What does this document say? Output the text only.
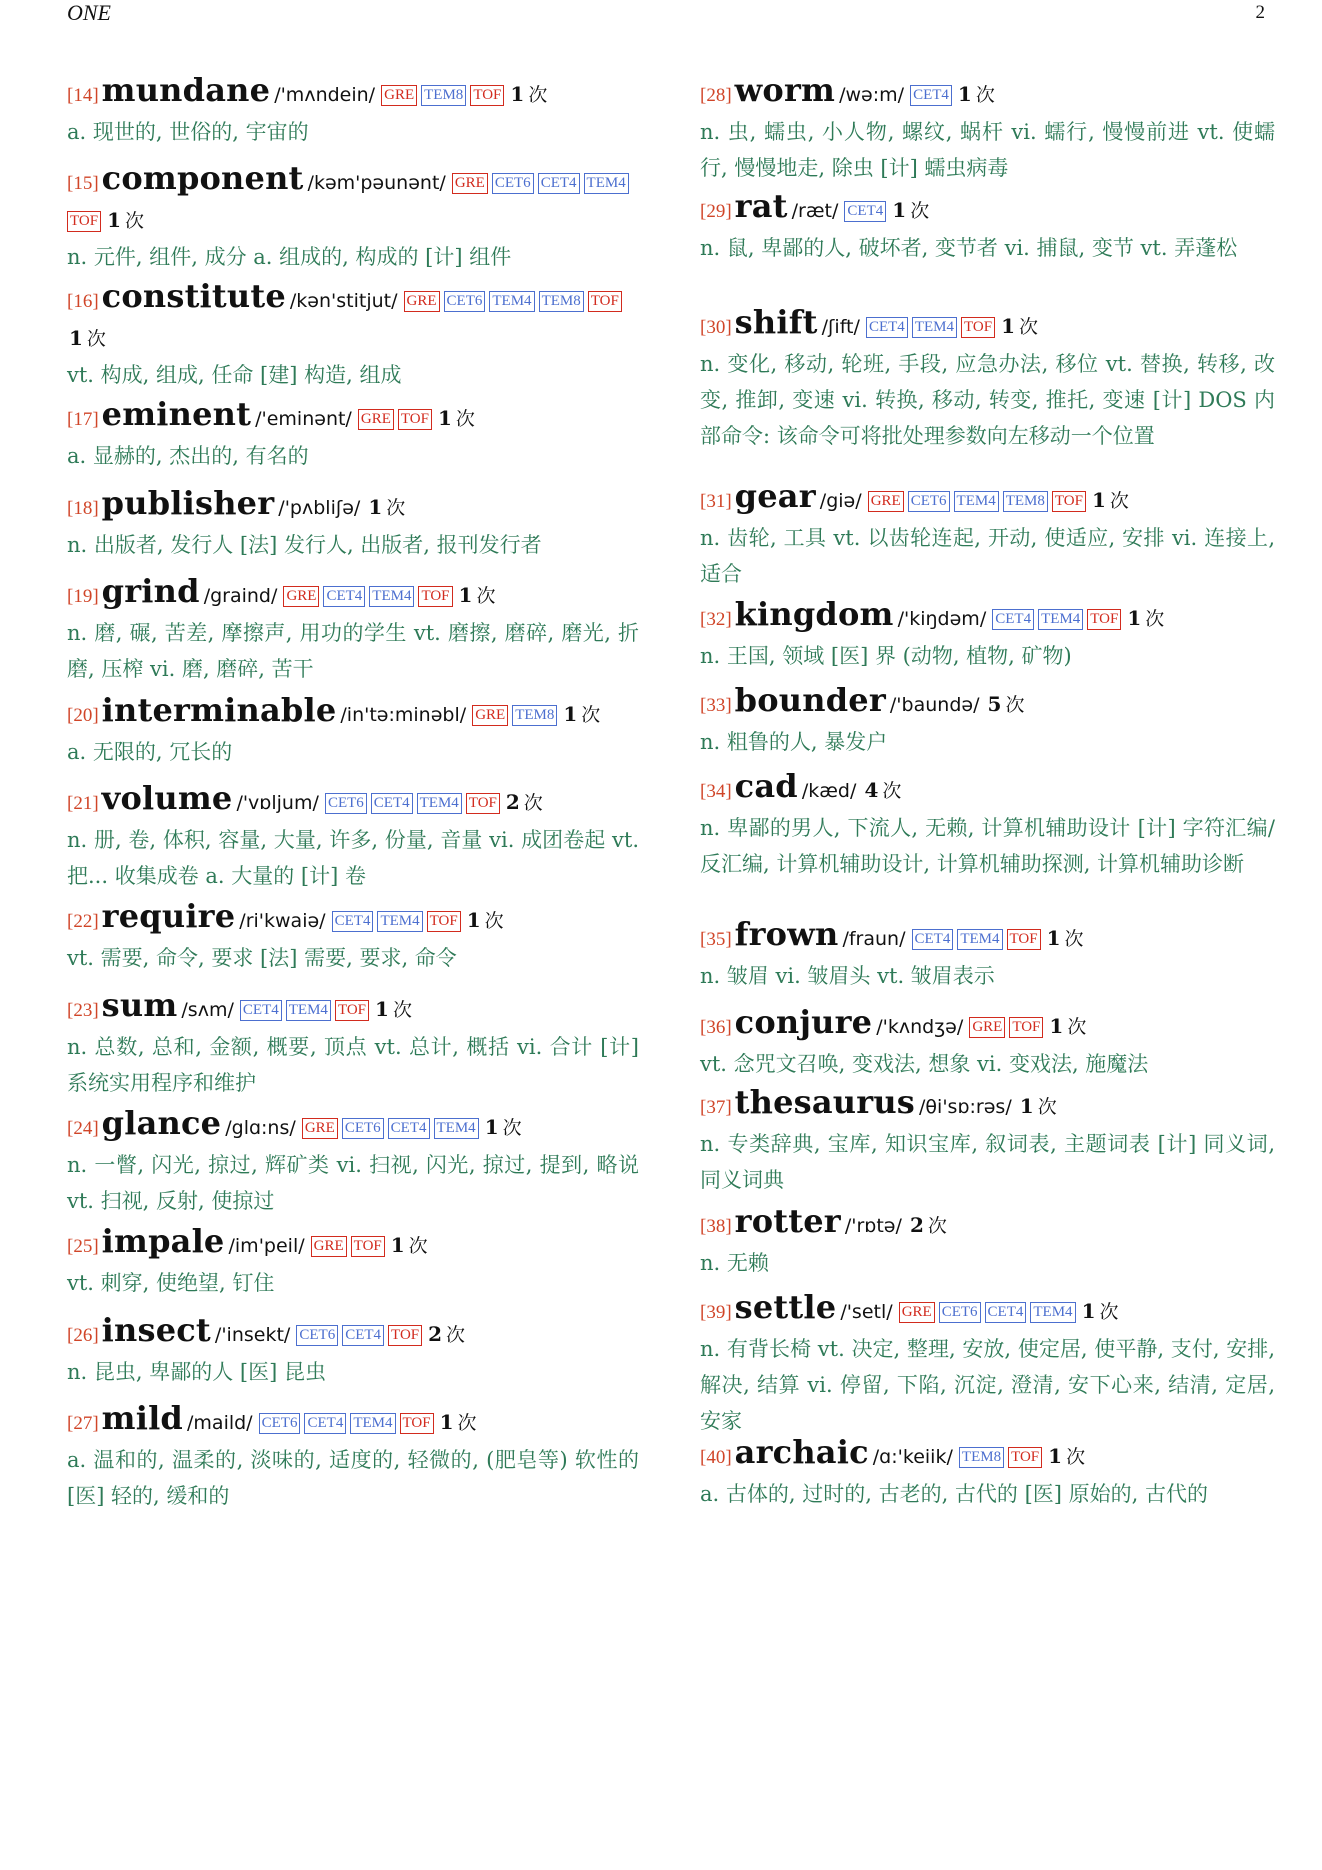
ONE	2
[14]mundane /'mʌndein/ GRE TEM8 TOF 1 次
a. 现世的, 世俗的, 宇宙的
[15]component /kəm'pəunənt/ GRE CET6 CET4 TEM4TOF 1 次
n. 元件, 组件, 成分 a. 组成的, 构成的 [计] 组件
[16]constitute /kən'stitjut/ GRE CET6 TEM4 TEM8 TOF1 次
vt. 构成, 组成, 任命 [建] 构造, 组成
[17]eminent /'eminənt/ GRE TOF 1 次
a. 显赫的, 杰出的, 有名的
[18]publisher /'pʌbliʃə/ 1 次
n. 出版者, 发行人 [法] 发行人, 出版者, 报刊发行者
[19]grind /graind/ GRE CET4 TEM4 TOF 1 次
n. 磨, 碾, 苦差, 摩擦声, 用功的学生 vt. 磨擦, 磨碎, 磨光, 折磨, 压榨 vi. 磨, 磨碎, 苦干
[20]interminable /in'tə:minəbl/ GRE TEM8 1 次
a. 无限的, 冗长的
[21]volume /'vɒljum/ CET6 CET4 TEM4 TOF 2 次
n. 册, 卷, 体积, 容量, 大量, 许多, 份量, 音量 vi. 成团卷起 vt. 把... 收集成卷 a. 大量的 [计] 卷
[22]require /ri'kwaiə/ CET4 TEM4 TOF 1 次
vt. 需要, 命令, 要求 [法] 需要, 要求, 命令
[23]sum /sʌm/ CET4 TEM4 TOF 1 次
n. 总数, 总和, 金额, 概要, 顶点 vt. 总计, 概括 vi. 合计 [计] 系统实用程序和维护
[24]glance /glɑ:ns/ GRE CET6 CET4 TEM4 1 次
n. 一瞥, 闪光, 掠过, 辉矿类 vi. 扫视, 闪光, 掠过, 提到, 略说 vt. 扫视, 反射, 使掠过
[25]impale /im'peil/ GRE TOF 1 次
vt. 刺穿, 使绝望, 钉住
[26]insect /'insekt/ CET6 CET4 TOF 2 次
n. 昆虫, 卑鄙的人 [医] 昆虫
[27]mild /maild/ CET6 CET4 TEM4 TOF 1 次
a. 温和的, 温柔的, 淡味的, 适度的, 轻微的, (肥皂等) 软性的 [医] 轻的, 缓和的
[28]worm /wə:m/ CET4 1 次
n. 虫, 蠕虫, 小人物, 螺纹, 蜗杆 vi. 蠕行, 慢慢前进 vt. 使蠕行, 慢慢地走, 除虫 [计] 蠕虫病毒
[29]rat /ræt/ CET4 1 次
n. 鼠, 卑鄙的人, 破坏者, 变节者 vi. 捕鼠, 变节 vt. 弄蓬松
[30]shift /ʃift/ CET4 TEM4 TOF 1 次
n. 变化, 移动, 轮班, 手段, 应急办法, 移位 vt. 替换, 转移, 改变, 推卸, 变速 vi. 转换, 移动, 转变, 推托, 变速 [计] DOS 内部命令: 该命令可将批处理参数向左移动一个位置
[31]gear /giə/ GRE CET6 TEM4 TEM8 TOF 1 次
n. 齿轮, 工具 vt. 以齿轮连起, 开动, 使适应, 安排 vi. 连接上, 适合
[32]kingdom /'kiŋdəm/ CET4 TEM4 TOF 1 次
n. 王国, 领域 [医] 界 (动物, 植物, 矿物)
[33]bounder /'baundə/ 5 次
n. 粗鲁的人, 暴发户
[34]cad /kæd/ 4 次
n. 卑鄙的男人, 下流人, 无赖, 计算机辅助设计 [计] 字符汇编/反汇编, 计算机辅助设计, 计算机辅助探测, 计算机辅助诊断
[35]frown /fraun/ CET4 TEM4 TOF 1 次
n. 皱眉 vi. 皱眉头 vt. 皱眉表示
[36]conjure /'kʌndʒə/ GRE TOF 1 次
vt. 念咒文召唤, 变戏法, 想象 vi. 变戏法, 施魔法
[37]thesaurus /θi'sɒ:rəs/ 1 次
n. 专类辞典, 宝库, 知识宝库, 叙词表, 主题词表 [计] 同义词, 同义词典
[38]rotter /'rɒtə/ 2 次
n. 无赖
[39]settle /'setl/ GRE CET6 CET4 TEM4 1 次
n. 有背长椅 vt. 决定, 整理, 安放, 使定居, 使平静, 支付, 安排, 解决, 结算 vi. 停留, 下陷, 沉淀, 澄清, 安下心来, 结清, 定居, 安家
[40]archaic /ɑ:'keiik/ TEM8 TOF 1 次
a. 古体的, 过时的, 古老的, 古代的 [医] 原始的, 古代的
